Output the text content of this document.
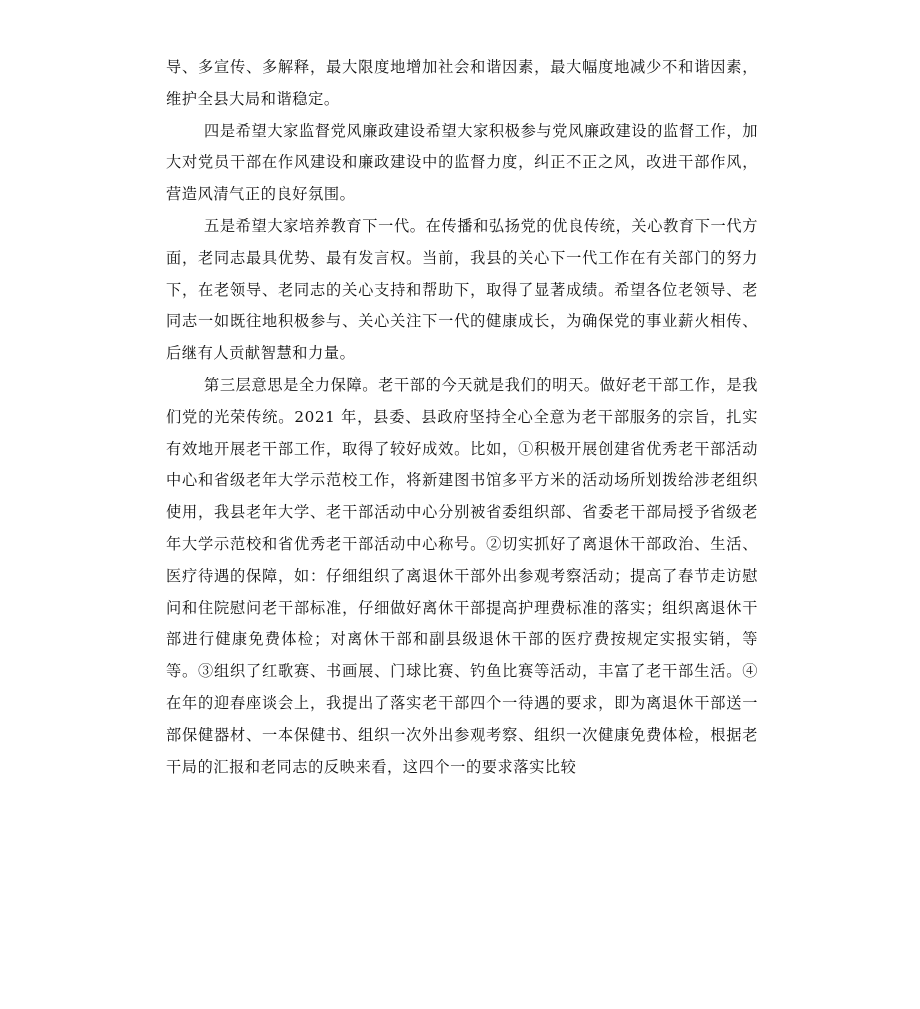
导、多宣传、多解释，最大限度地增加社会和谐因素，最大幅度地减少不和谐因素，维护全县大局和谐稳定。

四是希望大家监督党风廉政建设希望大家积极参与党风廉政建设的监督工作，加大对党员干部在作风建设和廉政建设中的监督力度，纠正不正之风，改进干部作风，营造风清气正的良好氛围。

五是希望大家培养教育下一代。在传播和弘扬党的优良传统，关心教育下一代方面，老同志最具优势、最有发言权。当前，我县的关心下一代工作在有关部门的努力下，在老领导、老同志的关心支持和帮助下，取得了显著成绩。希望各位老领导、老同志一如既往地积极参与、关心关注下一代的健康成长，为确保党的事业薪火相传、后继有人贡献智慧和力量。

第三层意思是全力保障。老干部的今天就是我们的明天。做好老干部工作，是我们党的光荣传统。2021 年，县委、县政府坚持全心全意为老干部服务的宗旨，扎实有效地开展老干部工作，取得了较好成效。比如，①积极开展创建省优秀老干部活动中心和省级老年大学示范校工作，将新建图书馆多平方米的活动场所划拨给涉老组织使用，我县老年大学、老干部活动中心分别被省委组织部、省委老干部局授予省级老年大学示范校和省优秀老干部活动中心称号。②切实抓好了离退休干部政治、生活、医疗待遇的保障，如：仔细组织了离退休干部外出参观考察活动；提高了春节走访慰问和住院慰问老干部标准，仔细做好离休干部提高护理费标准的落实；组织离退休干部进行健康免费体检；对离休干部和副县级退休干部的医疗费按规定实报实销，等等。③组织了红歌赛、书画展、门球比赛、钓鱼比赛等活动，丰富了老干部生活。④在年的迎春座谈会上，我提出了落实老干部四个一待遇的要求，即为离退休干部送一部保健器材、一本保健书、组织一次外出参观考察、组织一次健康免费体检，根据老干局的汇报和老同志的反映来看，这四个一的要求落实比较
